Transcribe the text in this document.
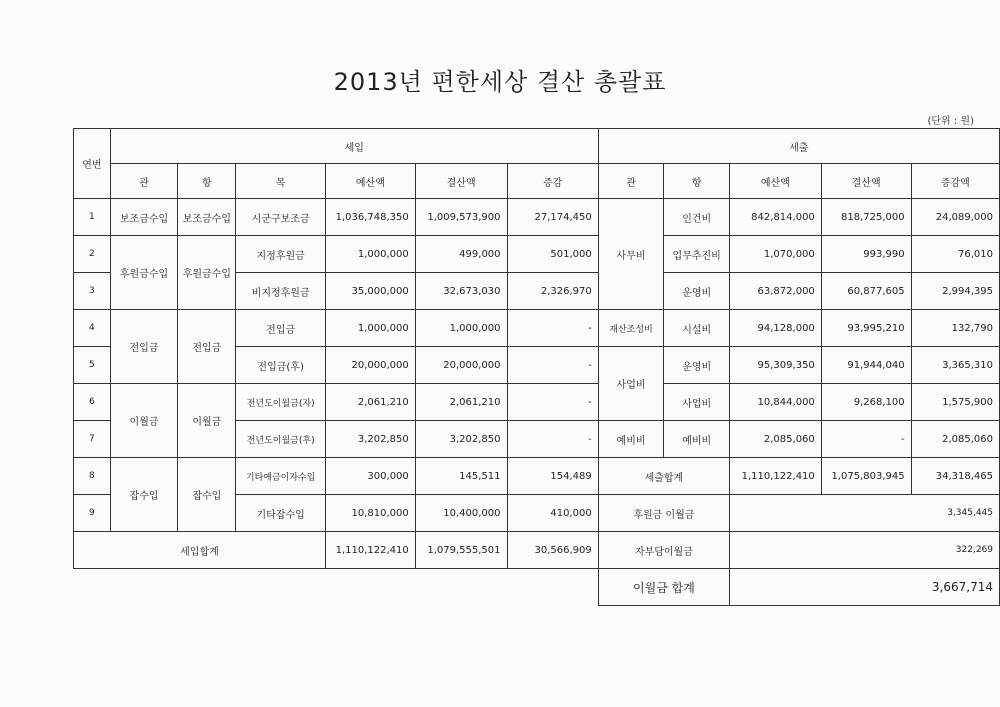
2013년 편한세상 결산 총괄표
(단위 : 원)
연번	세입						세출				
	관	항	목	예산액	결산액	증감	관	항	예산액	결산액	증감액
1	보조금수입	보조금수입	시군구보조금	1,036,748,350	1,009,573,900	27,174,450	사무비	인건비	842,814,000	818,725,000	24,089,000
2	후원금수입	후원금수입	지정후원금	1,000,000	499,000	501,000		업무추진비	1,070,000	993,990	76,010
3			비지정후원금	35,000,000	32,673,030	2,326,970		운영비	63,872,000	60,877,605	2,994,395
4	전입금	전입금	전입금	1,000,000	1,000,000	-	재산조성비	시설비	94,128,000	93,995,210	132,790
5			전입금(후)	20,000,000	20,000,000	-	사업비	운영비	95,309,350	91,944,040	3,365,310
6	이월금	이월금	전년도이월금(자)	2,061,210	2,061,210	-		사업비	10,844,000	9,268,100	1,575,900
7			전년도이월금(후)	3,202,850	3,202,850	-	예비비	예비비	2,085,060	-	2,085,060
8	잡수입	잡수입	기타예금이자수입	300,000	145,511	154,489	세출합계		1,110,122,410	1,075,803,945	34,318,465
9			기타잡수입	10,810,000	10,400,000	410,000	후원금 이월금		3,345,445		
세입합계				1,110,122,410	1,079,555,501	30,566,909	자부담이월금		322,269		
							이월금 합계		3,667,714		
